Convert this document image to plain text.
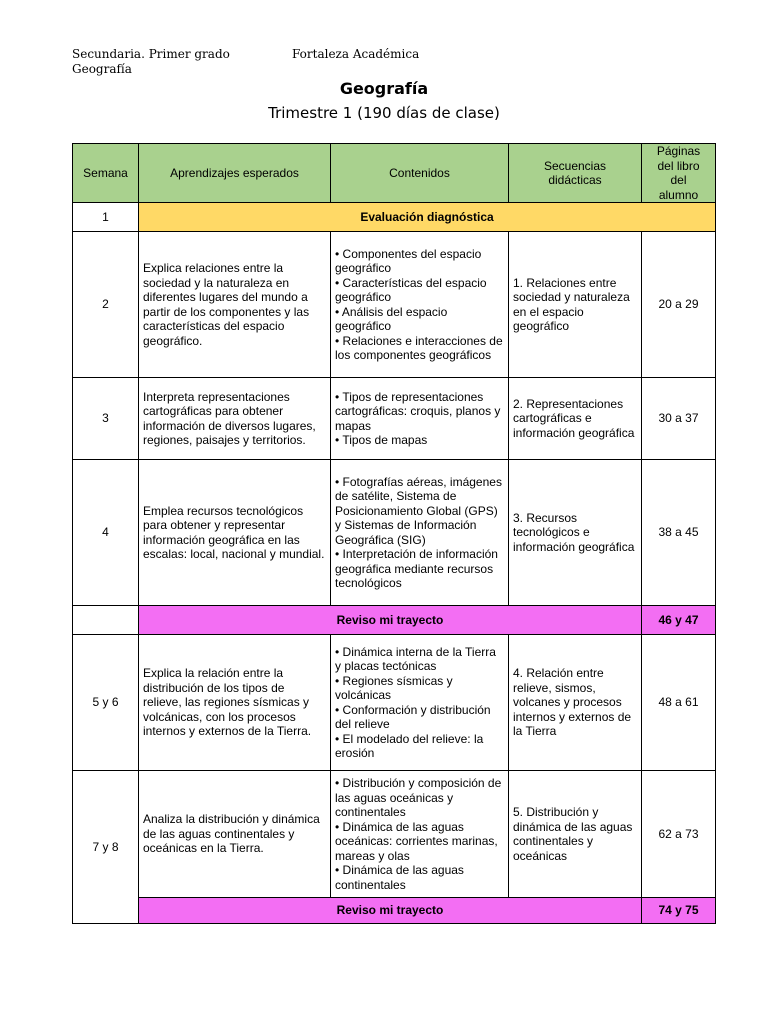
Secundaria. Primer grado
Geografía
Fortaleza Académica
Geografía
Trimestre 1 (190 días de clase)
Semana	Aprendizajes esperados	Contenidos	Secuencias didácticas	Páginas del libro del alumno
1	Evaluación diagnóstica			
2	Explica relaciones entre la sociedad y la naturaleza en diferentes lugares del mundo a partir de los componentes y las características del espacio geográfico.	• Componentes del espacio geográfico
• Características del espacio geográfico
• Análisis del espacio geográfico
• Relaciones e interacciones de los componentes geográficos	1. Relaciones entre sociedad y naturaleza en el espacio geográfico	20 a 29
3	Interpreta representaciones cartográficas para obtener información de diversos lugares, regiones, paisajes y territorios.	• Tipos de representaciones cartográficas: croquis, planos y mapas
• Tipos de mapas	2. Representaciones cartográficas e información geográfica	30 a 37
4	Emplea recursos tecnológicos para obtener y representar información geográfica en las escalas: local, nacional y mundial.	• Fotografías aéreas, imágenes de satélite, Sistema de Posicionamiento Global (GPS) y Sistemas de Información Geográfica (SIG)
• Interpretación de información geográfica mediante recursos tecnológicos	3. Recursos tecnológicos e información geográfica	38 a 45
	Reviso mi trayecto			46 y 47
5 y 6	Explica la relación entre la distribución de los tipos de relieve, las regiones sísmicas y volcánicas, con los procesos internos y externos de la Tierra.	• Dinámica interna de la Tierra y placas tectónicas
• Regiones sísmicas y volcánicas
• Conformación y distribución del relieve
• El modelado del relieve: la erosión	4. Relación entre relieve, sismos, volcanes y procesos internos y externos de la Tierra	48 a 61
7 y 8	Analiza la distribución y dinámica de las aguas continentales y oceánicas en la Tierra.	• Distribución y composición de las aguas oceánicas y continentales
• Dinámica de las aguas oceánicas: corrientes marinas, mareas y olas
• Dinámica de las aguas continentales	5. Distribución y dinámica de las aguas continentales y oceánicas	62 a 73
	Reviso mi trayecto			74 y 75
